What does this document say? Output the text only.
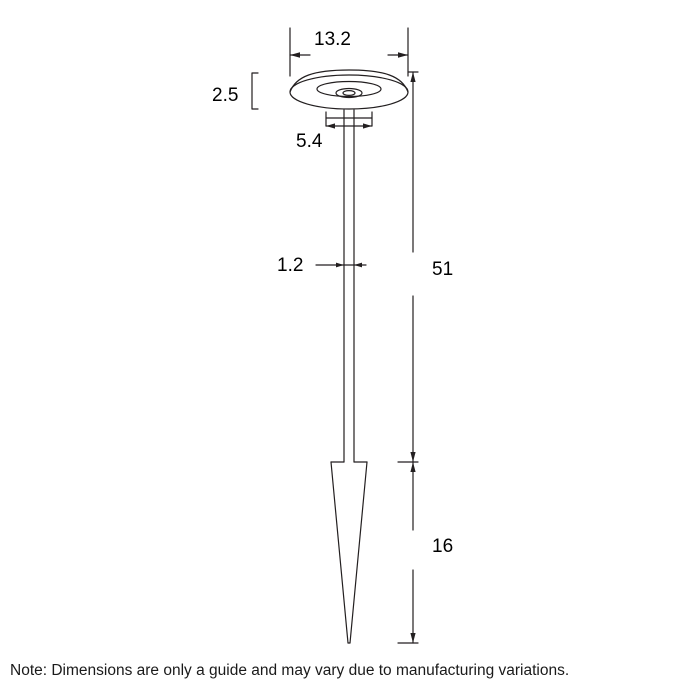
13.2
2.5
5.4
1.2	51
16
Note: Dimensions are only a guide and may vary due to manufacturing variations.
